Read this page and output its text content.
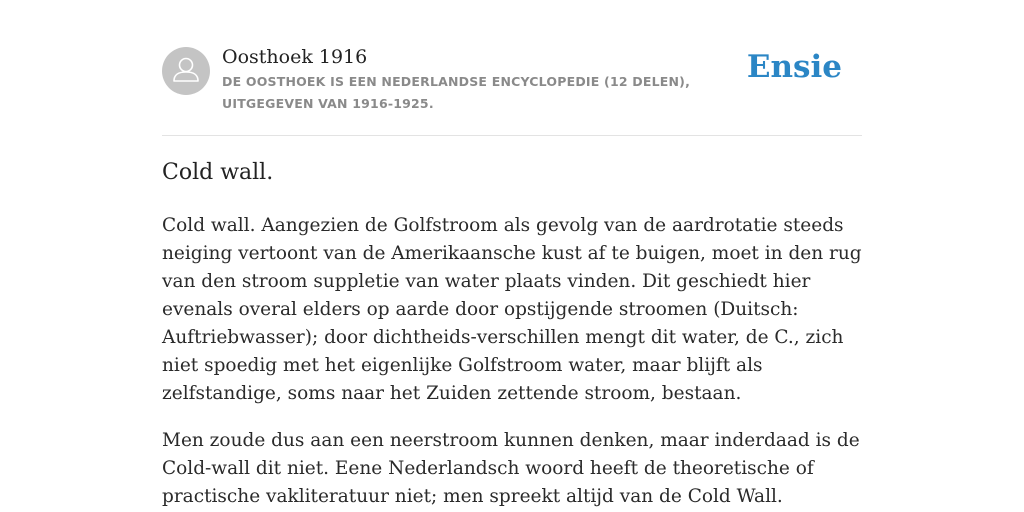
Oosthoek 1916
DE OOSTHOEK IS EEN NEDERLANDSE ENCYCLOPEDIE (12 DELEN), UITGEGEVEN VAN 1916-1925.
Ensie
Cold wall.

Cold wall. Aangezien de Golfstroom als gevolg van de aardrotatie steeds neiging vertoont van de Amerikaansche kust af te buigen, moet in den rug van den stroom suppletie van water plaats vinden. Dit geschiedt hier evenals overal elders op aarde door opstijgende stroomen (Duitsch: Auftriebwasser); door dichtheids-verschillen mengt dit water, de C., zich niet spoedig met het eigenlijke Golfstroom water, maar blijft als zelfstandige, soms naar het Zuiden zettende stroom, bestaan.

Men zoude dus aan een neerstroom kunnen denken, maar inderdaad is de Cold-wall dit niet. Eene Nederlandsch woord heeft de theoretische of practische vakliteratuur niet; men spreekt altijd van de Cold Wall.
